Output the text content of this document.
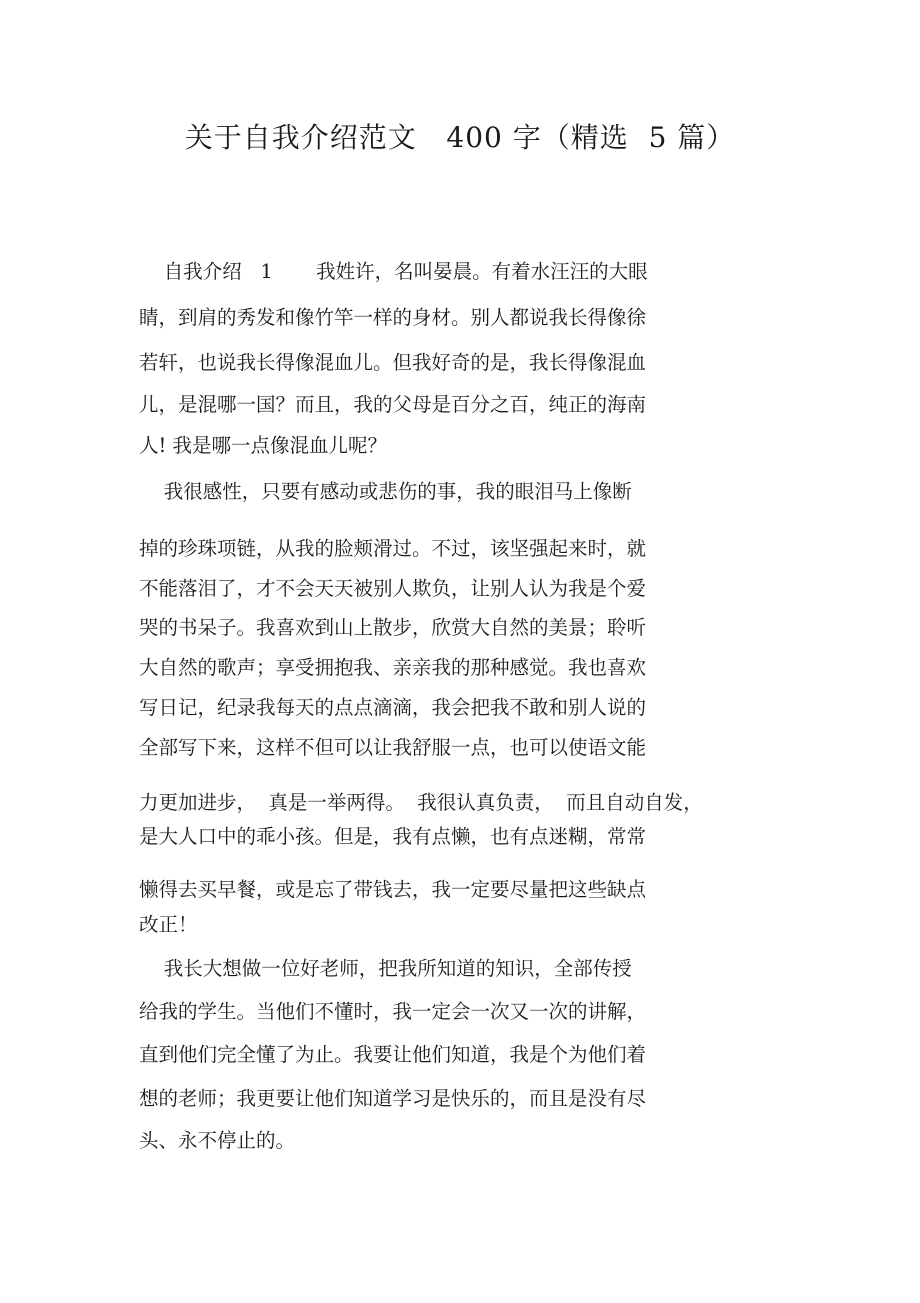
关于自我介绍范文   400 字（精选  5 篇）
自我介绍   1       我姓许，名叫晏晨。有着水汪汪的大眼
睛，到肩的秀发和像竹竿一样的身材。别人都说我长得像徐
若轩，也说我长得像混血儿。但我好奇的是，我长得像混血
儿，是混哪一国？而且，我的父母是百分之百，纯正的海南
人! 我是哪一点像混血儿呢？
我很感性，只要有感动或悲伤的事，我的眼泪马上像断
掉的珍珠项链，从我的脸颊滑过。不过，该坚强起来时，就
不能落泪了，才不会天天被别人欺负，让别人认为我是个爱
哭的书呆子。我喜欢到山上散步，欣赏大自然的美景；聆听
大自然的歌声；享受拥抱我、亲亲我的那种感觉。我也喜欢
写日记，纪录我每天的点点滴滴，我会把我不敢和别人说的
全部写下来，这样不但可以让我舒服一点，也可以使语文能
力更加进步，  真是一举两得。  我很认真负责，  而且自动自发，
是大人口中的乖小孩。但是，我有点懒，也有点迷糊，常常
懒得去买早餐，或是忘了带钱去，我一定要尽量把这些缺点
改正！
我长大想做一位好老师，把我所知道的知识，全部传授
给我的学生。当他们不懂时，我一定会一次又一次的讲解，
直到他们完全懂了为止。我要让他们知道，我是个为他们着
想的老师；我更要让他们知道学习是快乐的，而且是没有尽
头、永不停止的。
